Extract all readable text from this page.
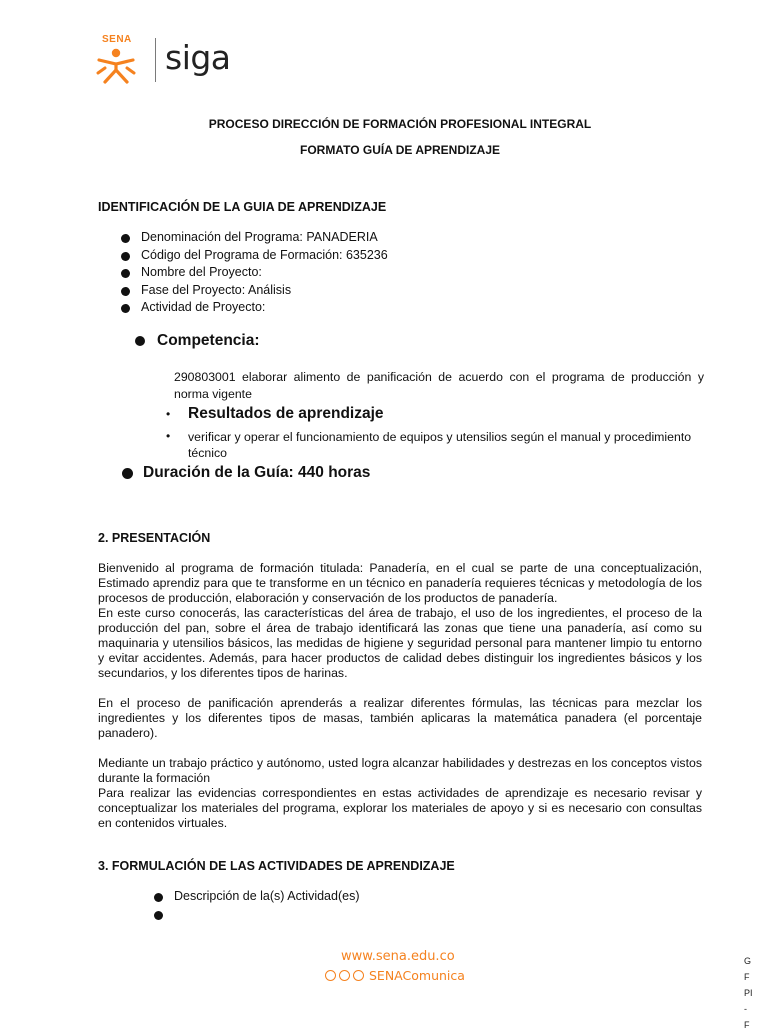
SENA siga
PROCESO DIRECCIÓN DE FORMACIÓN PROFESIONAL INTEGRAL
FORMATO GUÍA DE APRENDIZAJE
IDENTIFICACIÓN DE LA GUIA DE APRENDIZAJE
Denominación del Programa: PANADERIA
Código del Programa de Formación: 635236
Nombre del Proyecto:
Fase del Proyecto: Análisis
Actividad de Proyecto:
Competencia:
290803001 elaborar alimento de panificación de acuerdo con el programa de producción y norma vigente
•	Resultados de aprendizaje
•	verificar y operar el funcionamiento de equipos y utensilios según el manual y procedimiento técnico
Duración de la Guía: 440 horas
2. PRESENTACIÓN
Bienvenido al programa de formación titulada: Panadería, en el cual se parte de una conceptualización, Estimado aprendiz para que te transforme en un técnico en panadería requieres técnicas y metodología de los procesos de producción, elaboración y conservación de los productos de panadería.
En este curso conocerás, las características del área de trabajo, el uso de los ingredientes, el proceso de la producción del pan, sobre el área de trabajo identificará las zonas que tiene una panadería, así como su maquinaria y utensilios básicos, las medidas de higiene y seguridad personal para mantener limpio tu entorno y evitar accidentes. Además, para hacer productos de calidad debes distinguir los ingredientes básicos y los secundarios, y los diferentes tipos de harinas.
En el proceso de panificación aprenderás a realizar diferentes fórmulas, las técnicas para mezclar los ingredientes y los diferentes tipos de masas, también aplicaras la matemática panadera (el porcentaje panadero).
Mediante un trabajo práctico y autónomo, usted logra alcanzar habilidades y destrezas en los conceptos vistos durante la formación
Para realizar las evidencias correspondientes en estas actividades de aprendizaje es necesario revisar y conceptualizar los materiales del programa, explorar los materiales de apoyo y si es necesario con consultas en contenidos virtuales.
3. FORMULACIÓN DE LAS ACTIVIDADES DE APRENDIZAJE
Descripción de la(s) Actividad(es)
www.sena.edu.co
SENAComunica
G
F
PI
-
F
